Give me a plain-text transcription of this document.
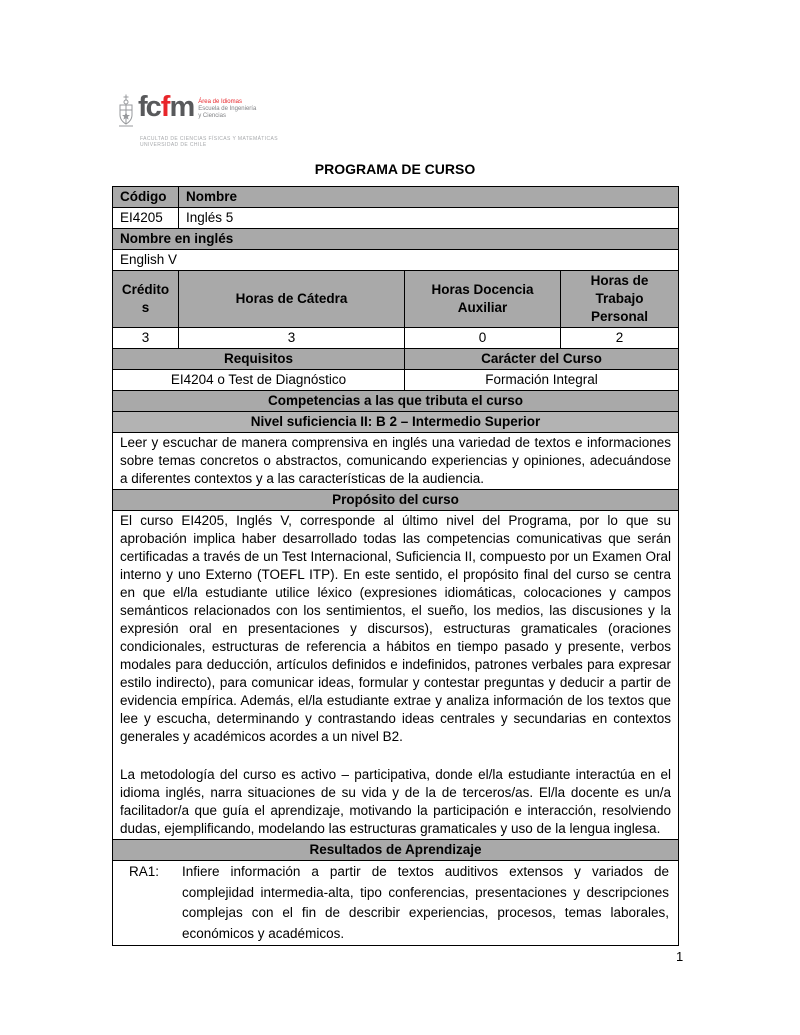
fcfm Área de Idiomas
Escuela de Ingeniería
y Ciencias
FACULTAD DE CIENCIAS FÍSICAS Y MATEMÁTICAS
UNIVERSIDAD DE CHILE
PROGRAMA DE CURSO
Código	Nombre		
EI4205	Inglés 5		
Nombre en inglés			
English V			
Créditos	Horas de Cátedra	Horas Docencia Auxiliar	Horas de Trabajo Personal
3	3	0	2
Requisitos		Carácter del Curso	
EI4204 o Test de Diagnóstico		Formación Integral	
Competencias a las que tributa el curso			
Nivel suficiencia II: B 2 – Intermedio Superior			
Leer y escuchar de manera comprensiva en inglés una variedad de textos e informaciones sobre temas concretos o abstractos, comunicando experiencias y opiniones, adecuándose a diferentes contextos y a las características de la audiencia.			
Propósito del curso			

El curso EI4205, Inglés V, corresponde al último nivel del Programa, por lo que su aprobación implica haber desarrollado todas las competencias comunicativas que serán certificadas a través de un Test Internacional, Suficiencia II, compuesto por un Examen Oral interno y uno Externo (TOEFL ITP). En este sentido, el propósito final del curso se centra en que el/la estudiante utilice léxico (expresiones idiomáticas, colocaciones y campos semánticos relacionados con los sentimientos, el sueño, los medios, las discusiones y la expresión oral en presentaciones y discursos), estructuras gramaticales (oraciones condicionales, estructuras de referencia a hábitos en tiempo pasado y presente, verbos modales para deducción, artículos definidos e indefinidos, patrones verbales para expresar estilo indirecto), para comunicar ideas, formular y contestar preguntas y deducir a partir de evidencia empírica. Además, el/la estudiante extrae y analiza información de los textos que lee y escucha, determinando y contrastando ideas centrales y secundarias en contextos generales y académicos acordes a un nivel B2.

La metodología del curso es activo – participativa, donde el/la estudiante interactúa en el idioma inglés, narra situaciones de su vida y de la de terceros/as. El/la docente es un/a facilitador/a que guía el aprendizaje, motivando la participación e interacción, resolviendo dudas, ejemplificando, modelando las estructuras gramaticales y uso de la lengua inglesa.			

Resultados de Aprendizaje			

RA1: Infiere información a partir de textos auditivos extensos y variados de complejidad intermedia-alta, tipo conferencias, presentaciones y descripciones complejas con el fin de describir experiencias, procesos, temas laborales, económicos y académicos.			
1
